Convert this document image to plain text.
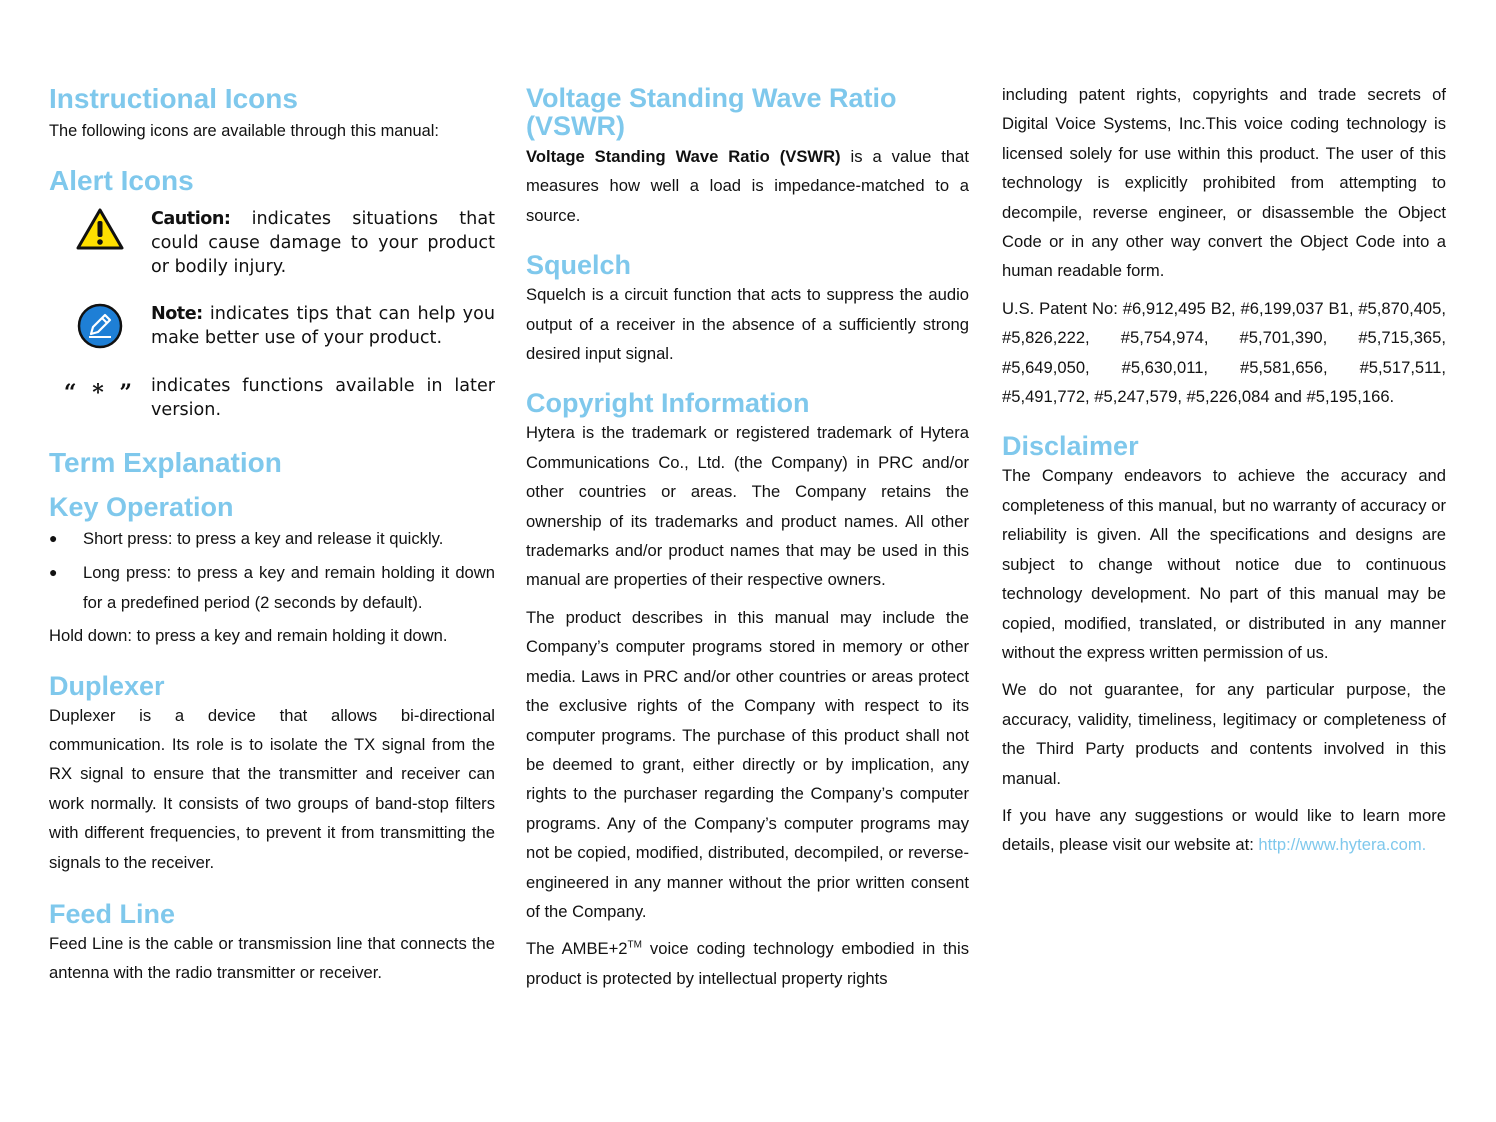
Instructional Icons

The following icons are available through this manual:

Alert Icons
Caution: indicates situations that could cause damage to your product or bodily injury.
Note: indicates tips that can help you make better use of your product.
“ * ” indicates functions available in later version.
Term Explanation
Key Operation
●	Short press: to press a key and release it quickly.
●	Long press: to press a key and remain holding it down for a predefined period (2 seconds by default).

Hold down: to press a key and remain holding it down.

Duplexer

Duplexer is a device that allows bi-directional communication. Its role is to isolate the TX signal from the RX signal to ensure that the transmitter and receiver can work normally. It consists of two groups of band-stop filters with different frequencies, to prevent it from transmitting the signals to the receiver.

Feed Line

Feed Line is the cable or transmission line that connects the antenna with the radio transmitter or receiver.

Voltage Standing Wave Ratio (VSWR)

Voltage Standing Wave Ratio (VSWR) is a value that measures how well a load is impedance-matched to a source.

Squelch

Squelch is a circuit function that acts to suppress the audio output of a receiver in the absence of a sufficiently strong desired input signal.

Copyright Information

Hytera is the trademark or registered trademark of Hytera Communications Co., Ltd. (the Company) in PRC and/or other countries or areas. The Company retains the ownership of its trademarks and product names. All other trademarks and/or product names that may be used in this manual are properties of their respective owners.

The product describes in this manual may include the Company’s computer programs stored in memory or other media. Laws in PRC and/or other countries or areas protect the exclusive rights of the Company with respect to its computer programs. The purchase of this product shall not be deemed to grant, either directly or by implication, any rights to the purchaser regarding the Company’s computer programs. Any of the Company’s computer programs may not be copied, modified, distributed, decompiled, or reverse-engineered in any manner without the prior written consent of the Company.

The AMBE+2™ voice coding technology embodied in this product is protected by intellectual property rights

including patent rights, copyrights and trade secrets of Digital Voice Systems, Inc.This voice coding technology is licensed solely for use within this product. The user of this technology is explicitly prohibited from attempting to decompile, reverse engineer, or disassemble the Object Code or in any other way convert the Object Code into a human readable form.

U.S. Patent No: #6,912,495 B2, #6,199,037 B1, #5,870,405, #5,826,222, #5,754,974, #5,701,390, #5,715,365, #5,649,050, #5,630,011, #5,581,656, #5,517,511, #5,491,772, #5,247,579, #5,226,084 and #5,195,166.

Disclaimer

The Company endeavors to achieve the accuracy and completeness of this manual, but no warranty of accuracy or reliability is given. All the specifications and designs are subject to change without notice due to continuous technology development. No part of this manual may be copied, modified, translated, or distributed in any manner without the express written permission of us.

We do not guarantee, for any particular purpose, the accuracy, validity, timeliness, legitimacy or completeness of the Third Party products and contents involved in this manual.

If you have any suggestions or would like to learn more details, please visit our website at: http://www.hytera.com.
